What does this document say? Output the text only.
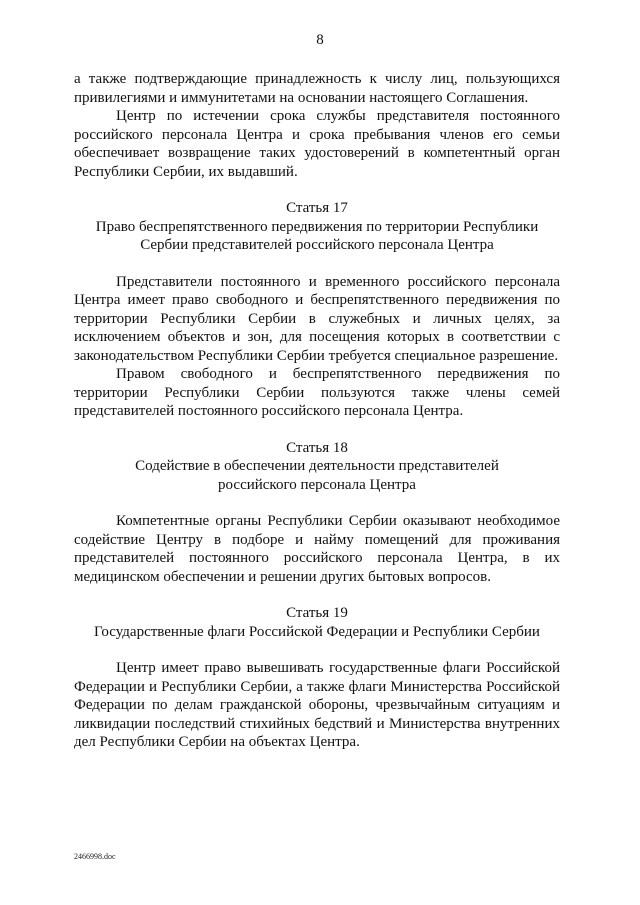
8

а также подтверждающие принадлежность к числу лиц, пользующихся привилегиями и иммунитетами на основании настоящего Соглашения.

Центр по истечении срока службы представителя постоянного российского персонала Центра и срока пребывания членов его семьи обеспечивает возвращение таких удостоверений в компетентный орган Республики Сербии, их выдавший.

Статья 17

Право беспрепятственного передвижения по территории Республики
Сербии представителей российского персонала Центра

Представители постоянного и временного российского персонала Центра имеет право свободного и беспрепятственного передвижения по территории Республики Сербии в служебных и личных целях, за исключением объектов и зон, для посещения которых в соответствии с законодательством Республики Сербии требуется специальное разрешение.

Правом свободного и беспрепятственного передвижения по территории Республики Сербии пользуются также члены семей представителей постоянного российского персонала Центра.

Статья 18

Содействие в обеспечении деятельности представителей
российского персонала Центра

Компетентные органы Республики Сербии оказывают необходимое содействие Центру в подборе и найму помещений для проживания представителей постоянного российского персонала Центра, в их медицинском обеспечении и решении других бытовых вопросов.

Статья 19

Государственные флаги Российской Федерации и Республики Сербии

Центр имеет право вывешивать государственные флаги Российской Федерации и Республики Сербии, а также флаги Министерства Российской Федерации по делам гражданской обороны, чрезвычайным ситуациям и ликвидации последствий стихийных бедствий и Министерства внутренних дел Республики Сербии на объектах Центра.

2466998.doc
